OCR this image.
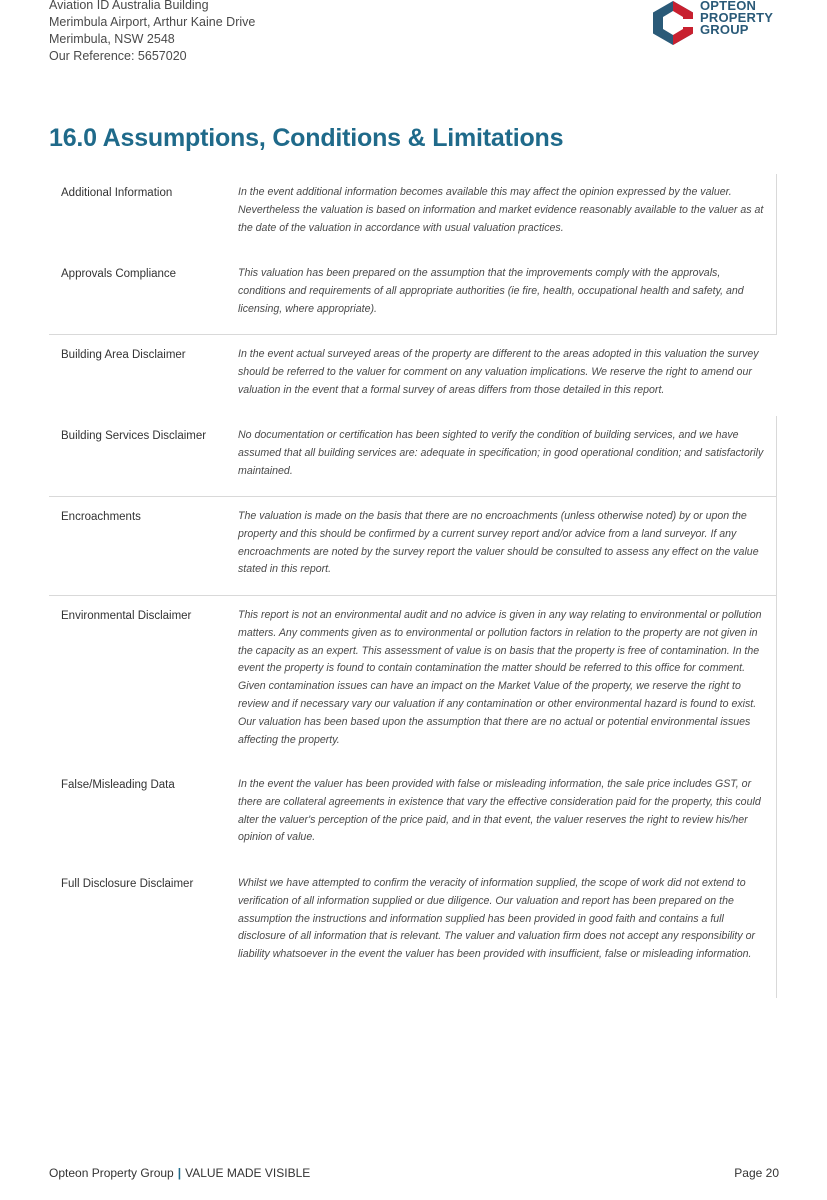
Aviation ID Australia Building
Merimbula Airport, Arthur Kaine Drive
Merimbula, NSW 2548
Our Reference: 5657020
OPTEON
PROPERTY
GROUP
16.0 Assumptions, Conditions & Limitations
Additional Information	In the event additional information becomes available this may affect the opinion expressed by the valuer. Nevertheless the valuation is based on information and market evidence reasonably available to the valuer as at the date of the valuation in accordance with usual valuation practices.
Approvals Compliance	This valuation has been prepared on the assumption that the improvements comply with the approvals, conditions and requirements of all appropriate authorities (ie fire, health, occupational health and safety, and licensing, where appropriate).
Building Area Disclaimer	In the event actual surveyed areas of the property are different to the areas adopted in this valuation the survey should be referred to the valuer for comment on any valuation implications. We reserve the right to amend our valuation in the event that a formal survey of areas differs from those detailed in this report.
Building Services Disclaimer	No documentation or certification has been sighted to verify the condition of building services, and we have assumed that all building services are: adequate in specification; in good operational condition; and satisfactorily maintained.
Encroachments	The valuation is made on the basis that there are no encroachments (unless otherwise noted) by or upon the property and this should be confirmed by a current survey report and/or advice from a land surveyor. If any encroachments are noted by the survey report the valuer should be consulted to assess any effect on the value stated in this report.
Environmental Disclaimer	This report is not an environmental audit and no advice is given in any way relating to environmental or pollution matters. Any comments given as to environmental or pollution factors in relation to the property are not given in the capacity as an expert. This assessment of value is on basis that the property is free of contamination. In the event the property is found to contain contamination the matter should be referred to this office for comment. Given contamination issues can have an impact on the Market Value of the property, we reserve the right to review and if necessary vary our valuation if any contamination or other environmental hazard is found to exist. Our valuation has been based upon the assumption that there are no actual or potential environmental issues affecting the property.
False/Misleading Data	In the event the valuer has been provided with false or misleading information, the sale price includes GST, or there are collateral agreements in existence that vary the effective consideration paid for the property, this could alter the valuer's perception of the price paid, and in that event, the valuer reserves the right to review his/her opinion of value.
Full Disclosure Disclaimer	Whilst we have attempted to confirm the veracity of information supplied, the scope of work did not extend to verification of all information supplied or due diligence. Our valuation and report has been prepared on the assumption the instructions and information supplied has been provided in good faith and contains a full disclosure of all information that is relevant. The valuer and valuation firm does not accept any responsibility or liability whatsoever in the event the valuer has been provided with insufficient, false or misleading information.
Opteon Property Group | VALUE MADE VISIBLE	Page 20
